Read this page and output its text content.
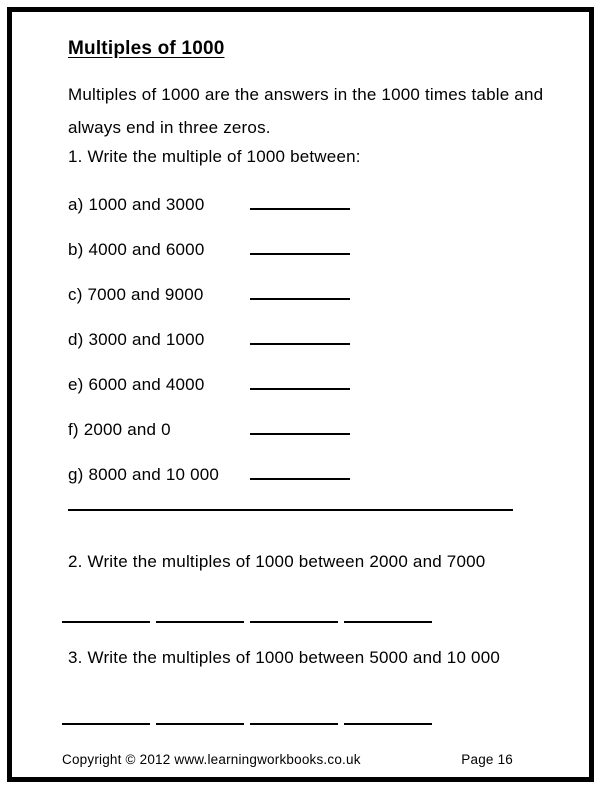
Multiples of 1000

Multiples of 1000 are the answers in the 1000 times table and
always end in three zeros.

1. Write the multiple of 1000 between:

a) 1000 and 3000
b) 4000 and 6000
c) 7000 and 9000
d) 3000 and 1000
e) 6000 and 4000
f) 2000 and 0
g) 8000 and 10 000

2. Write the multiples of 1000 between 2000 and 7000

3. Write the multiples of 1000 between 5000 and 10 000

Copyright © 2012 www.learningworkbooks.co.uk	Page 16
